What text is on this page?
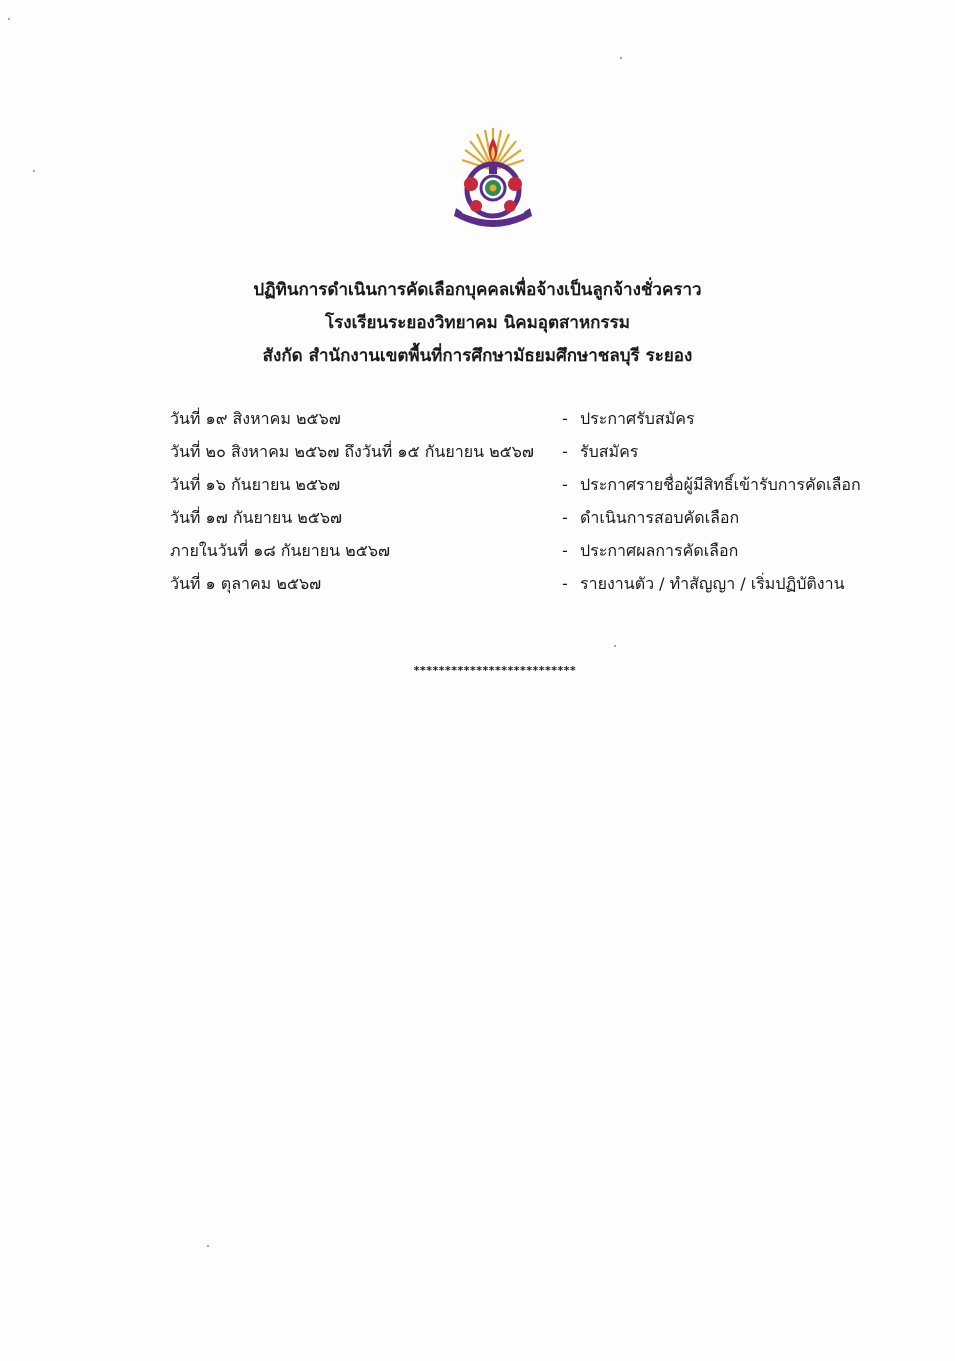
ปฏิทินการดำเนินการคัดเลือกบุคคลเพื่อจ้างเป็นลูกจ้างชั่วคราว
โรงเรียนระยองวิทยาคม นิคมอุตสาหกรรม
สังกัด สำนักงานเขตพื้นที่การศึกษามัธยมศึกษาชลบุรี ระยอง
วันที่ ๑๙ สิงหาคม ๒๕๖๗	- ประกาศรับสมัคร
วันที่ ๒๐ สิงหาคม ๒๕๖๗ ถึงวันที่ ๑๕ กันยายน ๒๕๖๗ - รับสมัคร
วันที่ ๑๖ กันยายน ๒๕๖๗	- ประกาศรายชื่อผู้มีสิทธิ์เข้ารับการคัดเลือก
วันที่ ๑๗ กันยายน ๒๕๖๗	- ดำเนินการสอบคัดเลือก
ภายในวันที่ ๑๘ กันยายน ๒๕๖๗	- ประกาศผลการคัดเลือก
วันที่ ๑ ตุลาคม ๒๕๖๗	- รายงานตัว / ทำสัญญา / เริ่มปฏิบัติงาน
**************************
